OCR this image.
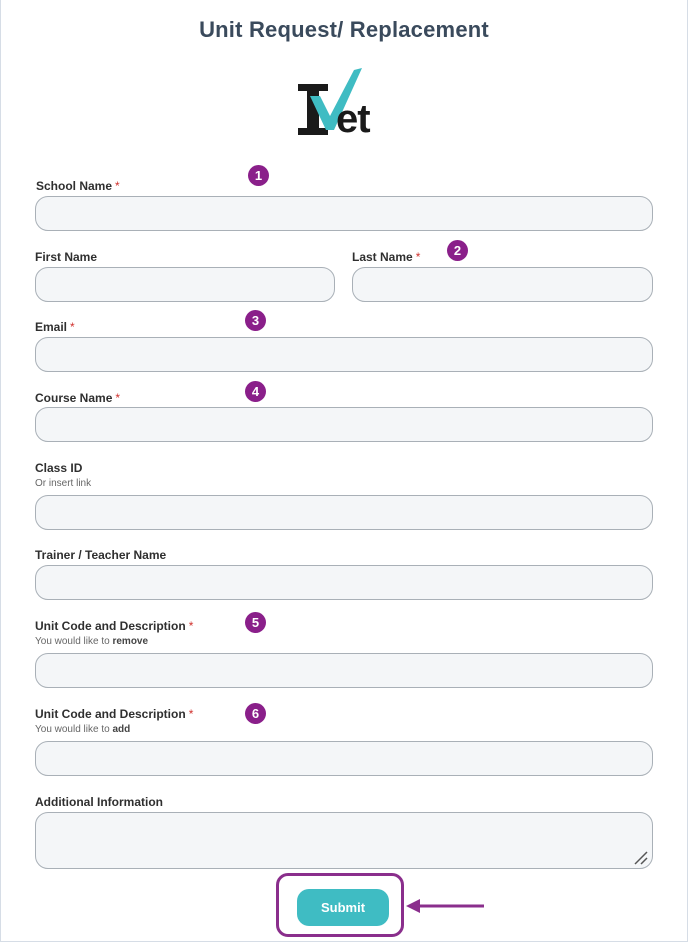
Unit Request/ Replacement
et
School Name *
1
First Name	Last Name *	2
Email *	3
Course Name *	4
Class ID
Or insert link
Trainer / Teacher Name
Unit Code and Description *
You would like to remove
5
Unit Code and Description *
You would like to add
6
Additional Information
Submit
